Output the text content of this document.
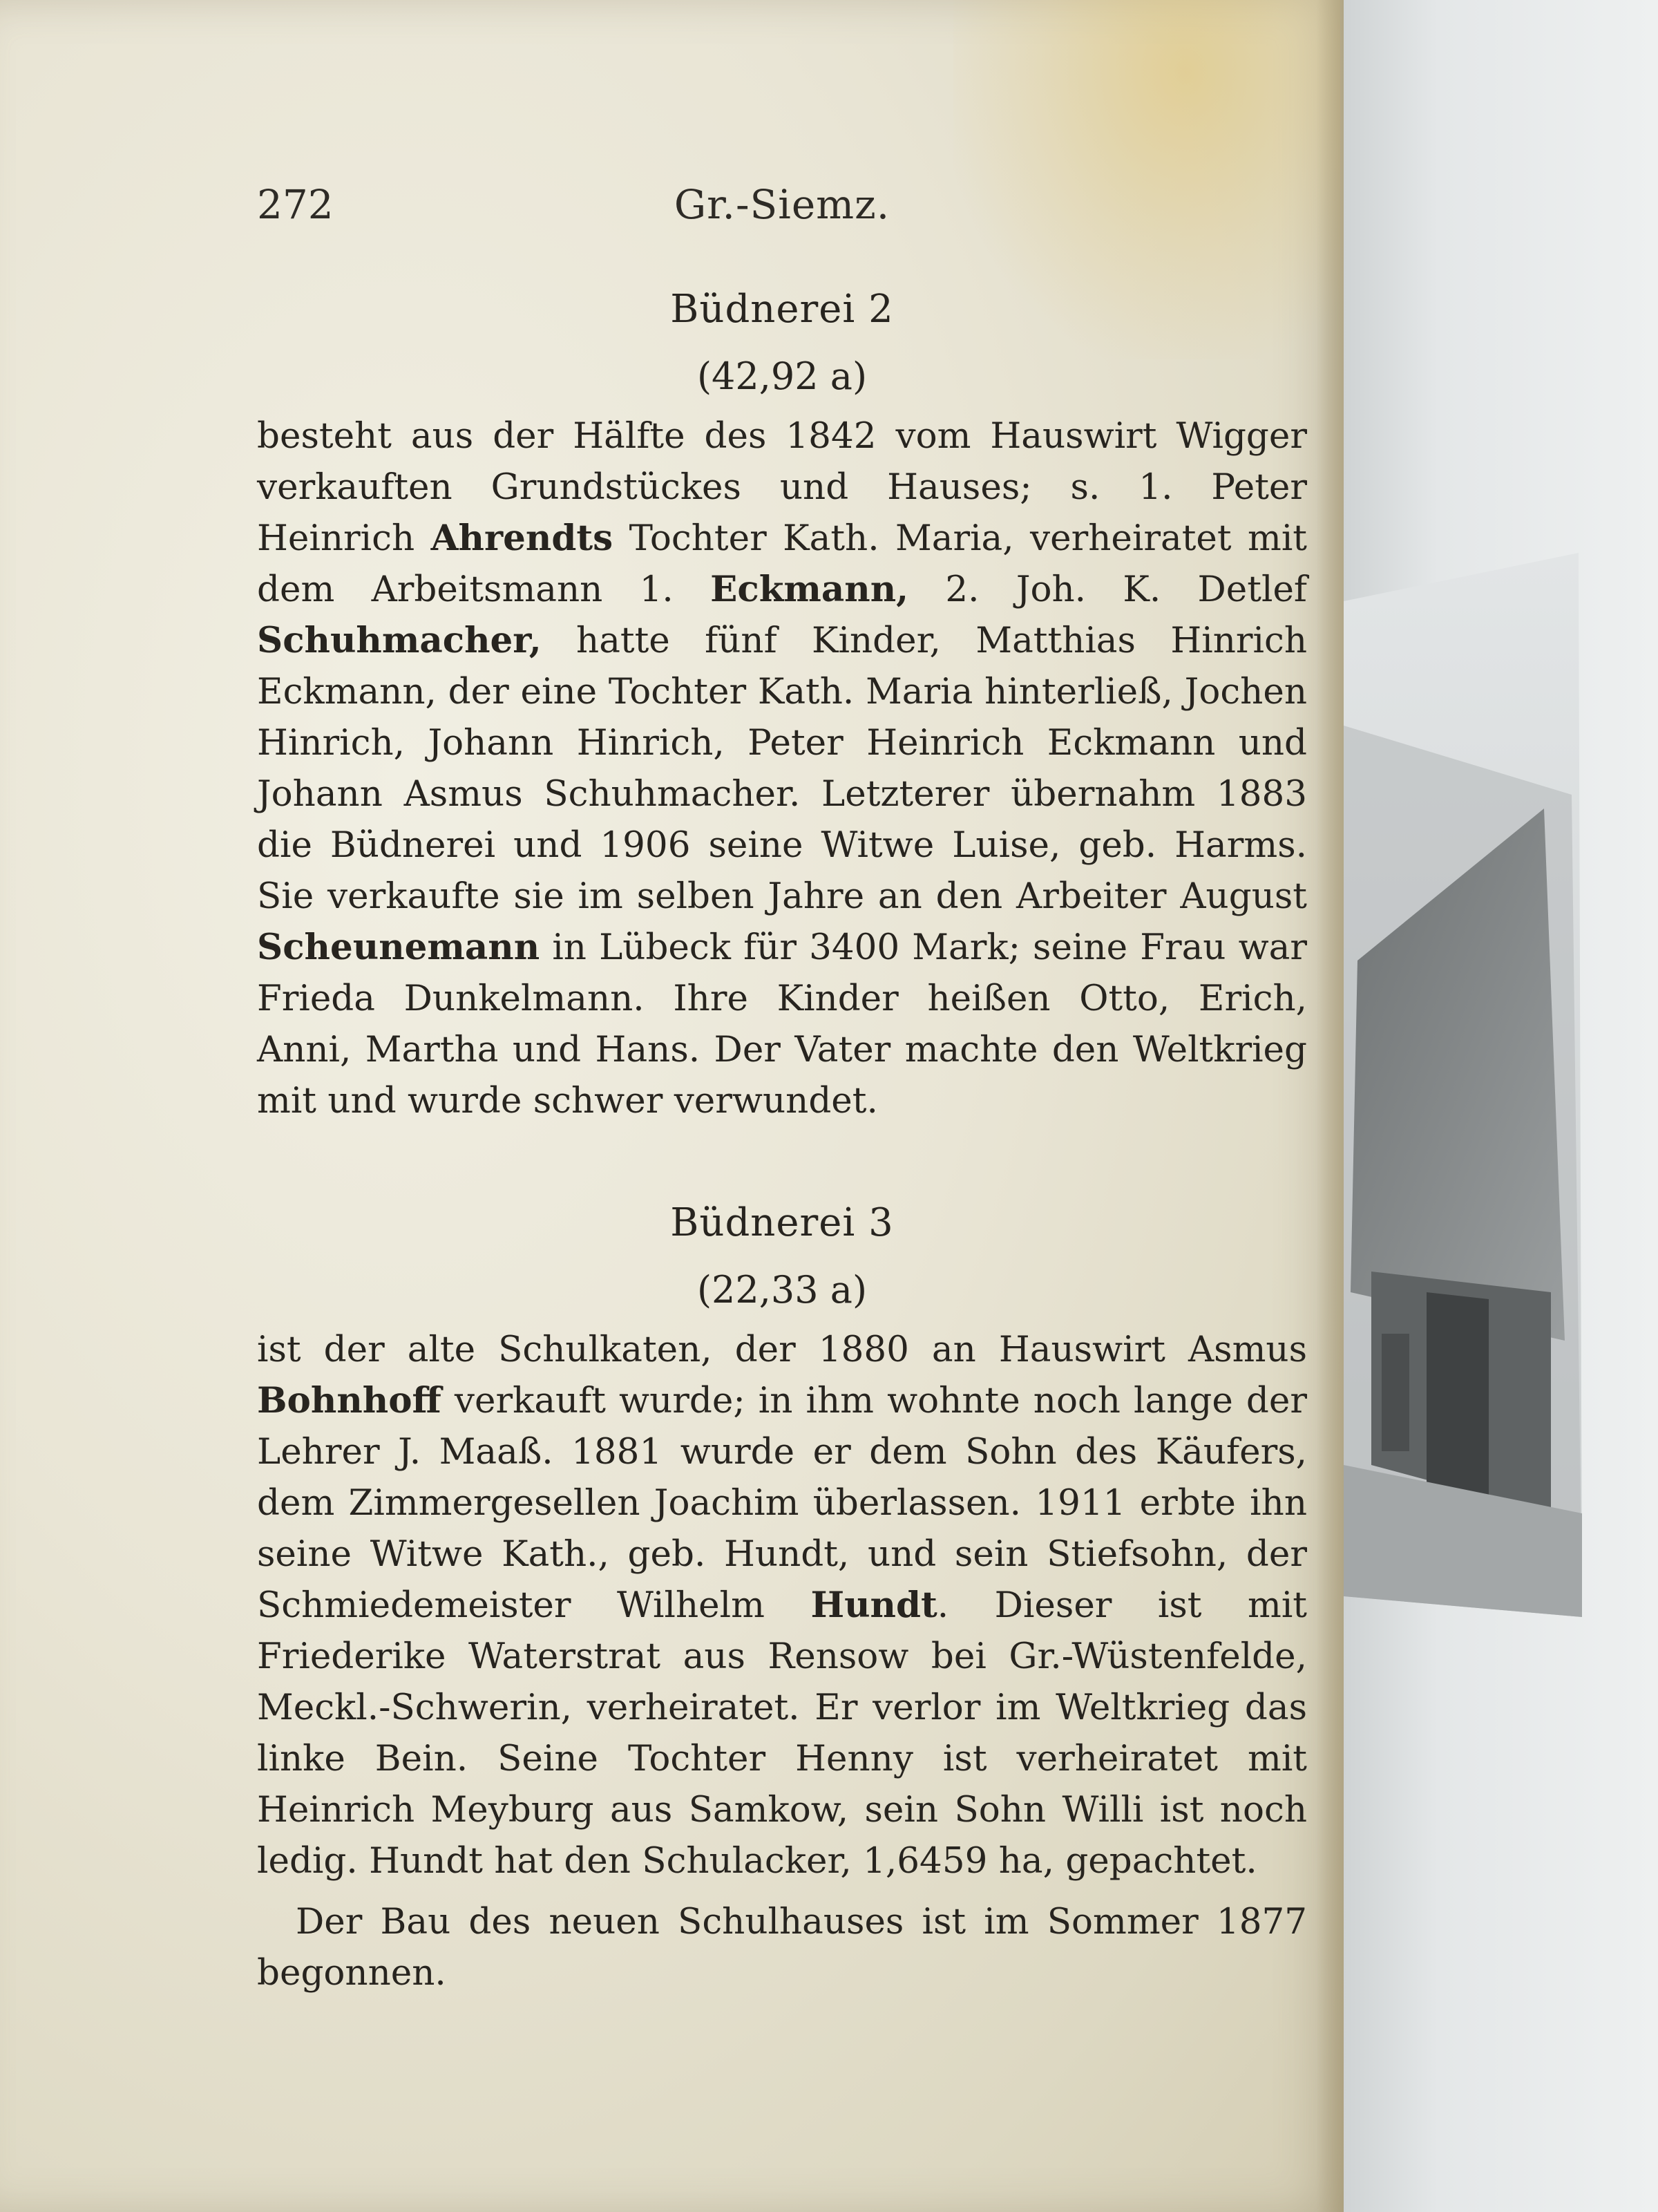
272	Gr.-Siemz.
Büdnerei 2
(42,92 a)

besteht aus der Hälfte des 1842 vom Hauswirt Wigger verkauften Grundstückes und Hauses; s. 1. Peter Heinrich Ahrendts Tochter Kath. Maria, verheiratet mit dem Arbeitsmann 1. Eckmann, 2. Joh. K. Detlef Schuhmacher, hatte fünf Kinder, Matthias Hinrich Eckmann, der eine Tochter Kath. Maria hinterließ, Jochen Hinrich, Johann Hinrich, Peter Heinrich Eckmann und Johann Asmus Schuhmacher. Letzterer übernahm 1883 die Büdnerei und 1906 seine Witwe Luise, geb. Harms. Sie verkaufte sie im selben Jahre an den Arbeiter August Scheunemann in Lübeck für 3400 Mark; seine Frau war Frieda Dunkelmann. Ihre Kinder heißen Otto, Erich, Anni, Martha und Hans. Der Vater machte den Weltkrieg mit und wurde schwer verwundet.

Büdnerei 3
(22,33 a)

ist der alte Schulkaten, der 1880 an Hauswirt Asmus Bohnhoff verkauft wurde; in ihm wohnte noch lange der Lehrer J. Maaß. 1881 wurde er dem Sohn des Käufers, dem Zimmergesellen Joachim überlassen. 1911 erbte ihn seine Witwe Kath., geb. Hundt, und sein Stiefsohn, der Schmiedemeister Wilhelm Hundt. Dieser ist mit Friederike Waterstrat aus Rensow bei Gr.-Wüstenfelde, Meckl.-Schwerin, verheiratet. Er verlor im Weltkrieg das linke Bein. Seine Tochter Henny ist verheiratet mit Heinrich Meyburg aus Samkow, sein Sohn Willi ist noch ledig. Hundt hat den Schulacker, 1,6459 ha, gepachtet.

Der Bau des neuen Schulhauses ist im Sommer 1877 begonnen.
